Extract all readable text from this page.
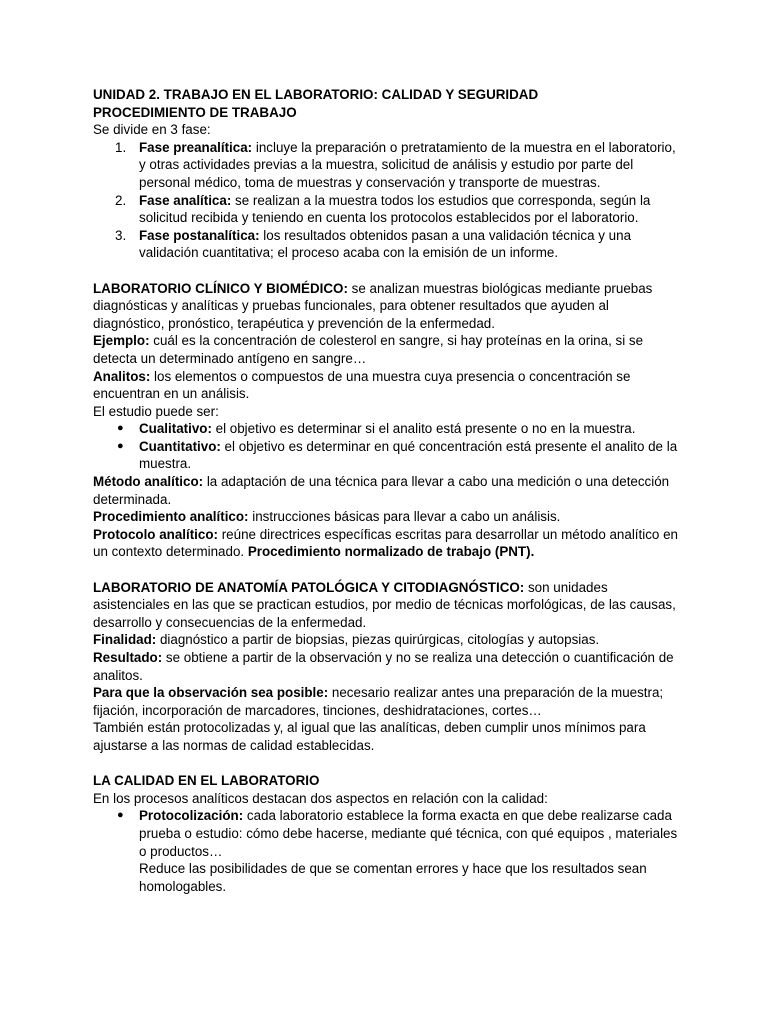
UNIDAD 2. TRABAJO EN EL LABORATORIO: CALIDAD Y SEGURIDAD

PROCEDIMIENTO DE TRABAJO

Se divide en 3 fase:

1. Fase preanalítica: incluye la preparación o pretratamiento de la muestra en el laboratorio, y otras actividades previas a la muestra, solicitud de análisis y estudio por parte del personal médico, toma de muestras y conservación y transporte de muestras.
2. Fase analítica: se realizan a la muestra todos los estudios que corresponda, según la solicitud recibida y teniendo en cuenta los protocolos establecidos por el laboratorio.
3. Fase postanalítica: los resultados obtenidos pasan a una validación técnica y una validación cuantitativa; el proceso acaba con la emisión de un informe.

LABORATORIO CLÍNICO Y BIOMÉDICO: se analizan muestras biológicas mediante pruebas diagnósticas y analíticas y pruebas funcionales, para obtener resultados que ayuden al diagnóstico, pronóstico, terapéutica y prevención de la enfermedad.

Ejemplo: cuál es la concentración de colesterol en sangre, si hay proteínas en la orina, si se detecta un determinado antígeno en sangre…

Analitos: los elementos o compuestos de una muestra cuya presencia o concentración se encuentran en un análisis.

El estudio puede ser:

● Cualitativo: el objetivo es determinar si el analito está presente o no en la muestra.
● Cuantitativo: el objetivo es determinar en qué concentración está presente el analito de la muestra.

Método analítico: la adaptación de una técnica para llevar a cabo una medición o una detección determinada.

Procedimiento analítico: instrucciones básicas para llevar a cabo un análisis.

Protocolo analítico: reúne directrices específicas escritas para desarrollar un método analítico en un contexto determinado. Procedimiento normalizado de trabajo (PNT).

LABORATORIO DE ANATOMÍA PATOLÓGICA Y CITODIAGNÓSTICO: son unidades asistenciales en las que se practican estudios, por medio de técnicas morfológicas, de las causas, desarrollo y consecuencias de la enfermedad.

Finalidad: diagnóstico a partir de biopsias, piezas quirúrgicas, citologías y autopsias.

Resultado: se obtiene a partir de la observación y no se realiza una detección o cuantificación de analitos.

Para que la observación sea posible: necesario realizar antes una preparación de la muestra; fijación, incorporación de marcadores, tinciones, deshidrataciones, cortes…

También están protocolizadas y, al igual que las analíticas, deben cumplir unos mínimos para ajustarse a las normas de calidad establecidas.

LA CALIDAD EN EL LABORATORIO

En los procesos analíticos destacan dos aspectos en relación con la calidad:

● Protocolización: cada laboratorio establece la forma exacta en que debe realizarse cada prueba o estudio: cómo debe hacerse, mediante qué técnica, con qué equipos , materiales o productos…
Reduce las posibilidades de que se comentan errores y hace que los resultados sean homologables.
